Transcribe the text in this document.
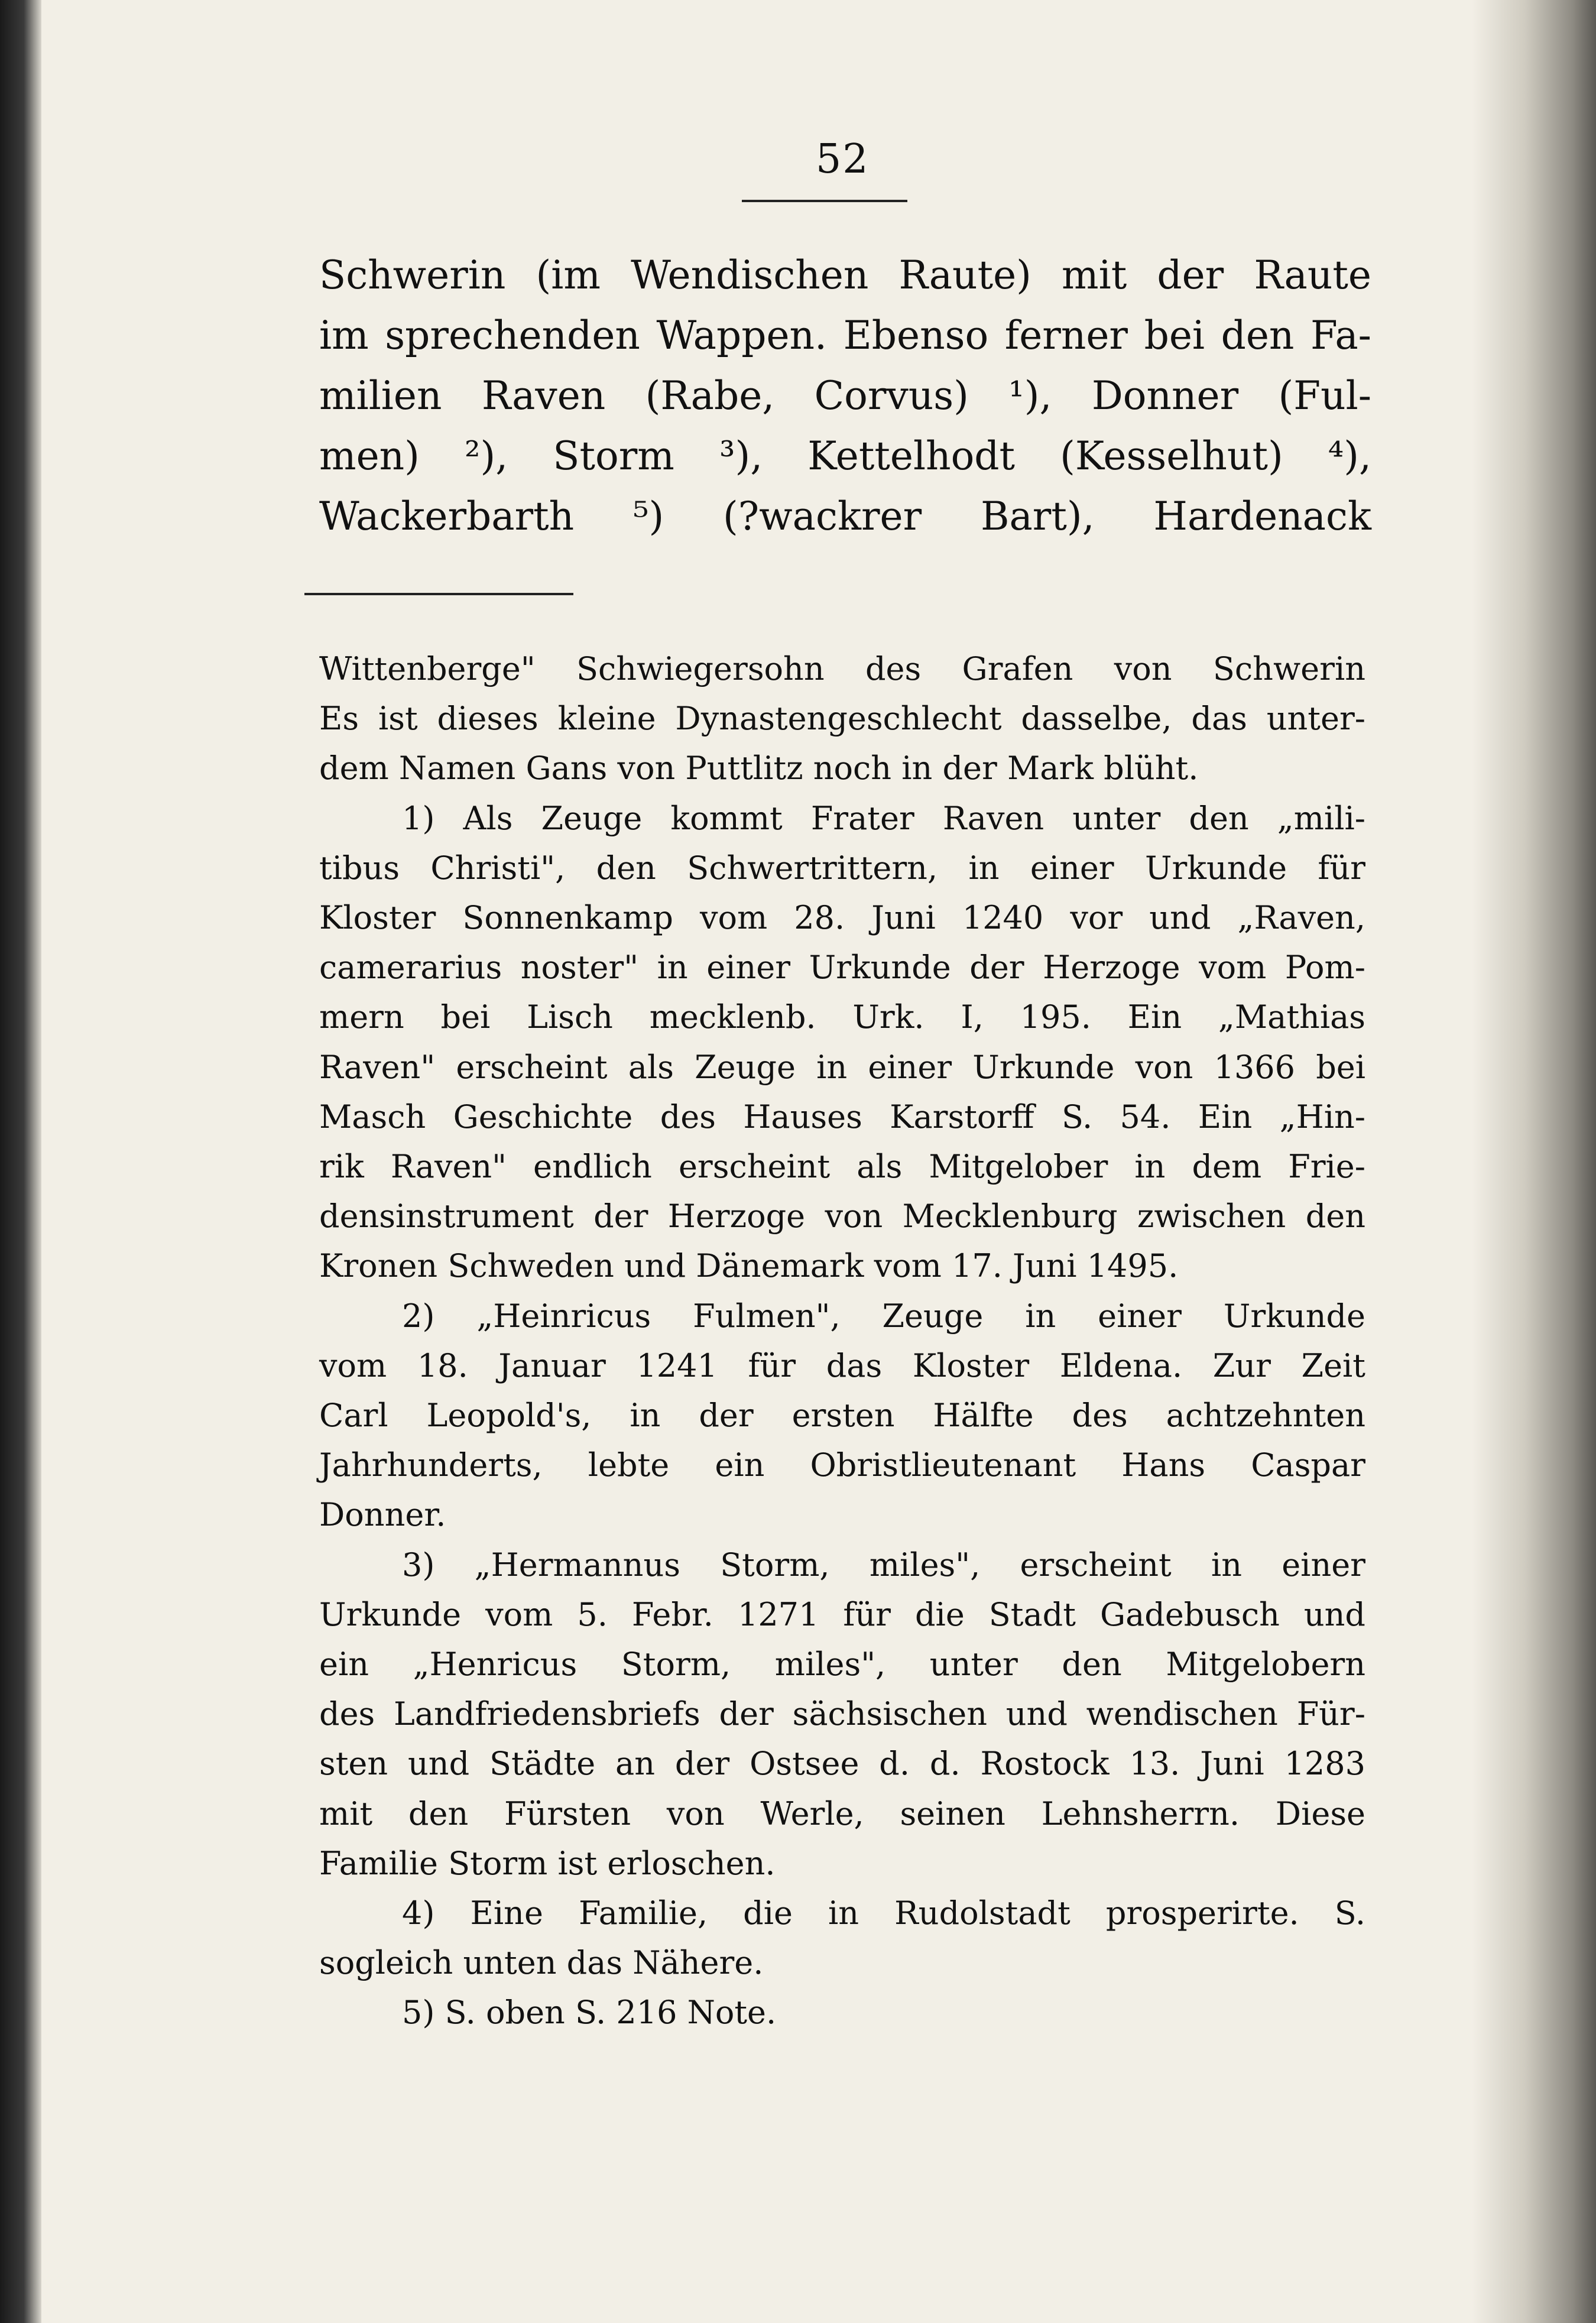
52
Schwerin (im Wendischen Raute) mit der Raute
im sprechenden Wappen. Ebenso ferner bei den Fa-
milien Raven (Rabe, Corvus) ¹), Donner (Ful-
men) ²), Storm ³), Kettelhodt (Kesselhut) ⁴),
Wackerbarth ⁵) (?wackrer Bart), Hardenack
Wittenberge" Schwiegersohn des Grafen von Schwerin
Es ist dieses kleine Dynastengeschlecht dasselbe, das unter-
dem Namen Gans von Puttlitz noch in der Mark blüht.
1) Als Zeuge kommt Frater Raven unter den „mili-
tibus Christi", den Schwertrittern, in einer Urkunde für
Kloster Sonnenkamp vom 28. Juni 1240 vor und „Raven,
camerarius noster" in einer Urkunde der Herzoge vom Pom-
mern bei Lisch mecklenb. Urk. I, 195. Ein „Mathias
Raven" erscheint als Zeuge in einer Urkunde von 1366 bei
Masch Geschichte des Hauses Karstorff S. 54. Ein „Hin-
rik Raven" endlich erscheint als Mitgelober in dem Frie-
densinstrument der Herzoge von Mecklenburg zwischen den
Kronen Schweden und Dänemark vom 17. Juni 1495.
2) „Heinricus Fulmen", Zeuge in einer Urkunde
vom 18. Januar 1241 für das Kloster Eldena. Zur Zeit
Carl Leopold's, in der ersten Hälfte des achtzehnten
Jahrhunderts, lebte ein Obristlieutenant Hans Caspar
Donner.
3) „Hermannus Storm, miles", erscheint in einer
Urkunde vom 5. Febr. 1271 für die Stadt Gadebusch und
ein „Henricus Storm, miles", unter den Mitgelobern
des Landfriedensbriefs der sächsischen und wendischen Für-
sten und Städte an der Ostsee d. d. Rostock 13. Juni 1283
mit den Fürsten von Werle, seinen Lehnsherrn. Diese
Familie Storm ist erloschen.
4) Eine Familie, die in Rudolstadt prosperirte. S.
sogleich unten das Nähere.
5) S. oben S. 216 Note.
